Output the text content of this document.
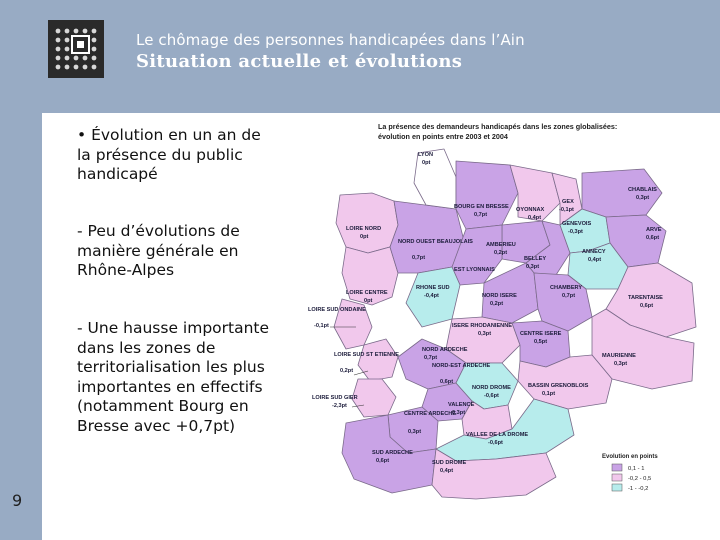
Le chômage des personnes handicapées dans l’Ain
Situation actuelle et évolutions
• Évolution en un an de
la présence du public
handicapé
- Peu d’évolutions de
manière générale en
Rhône-Alpes
- Une hausse importante
dans les zones de
territorialisation les plus
importantes en effectifs
(notamment Bourg en
Bresse avec +0,7pt)
9
La présence des demandeurs handicapés dans les zones globalisées:
évolution en points entre 2003 et 2004
LYON
0pt
BOURG EN BRESSE
0,7pt
OYONNAX
0,4pt
GEX
-0,1pt
CHABLAIS
0,3pt
GENEVOIS
-0,3pt	ARVE
0,6pt
ANNECY
0,4pt
LOIRE NORD
0pt
NORD OUEST BEAUJOLAIS
0,7pt
AMBERIEU
0,2pt
BELLEY
0,3pt
EST LYONNAIS
RHONE SUD
-0,4pt	NORD ISERE
0,2pt
CHAMBERY
0,7pt	TARENTAISE
0,6pt
LOIRE CENTRE
0pt
LOIRE SUD ONDAINE
-0,1pt	ISERE RHODANIENNE
0,3pt	CENTRE ISERE
0,5pt
MAURIENNE
0,3pt
NORD ARDECHE
0,7pt
LOIRE SUD ST ETIENNE
0,2pt
NORD-EST ARDECHE
0,6pt
NORD DROME
-0,6pt
BASSIN GRENOBLOIS
0,1pt
LOIRE SUD GIER
-2,3pt	VALENCE
0,3pt
CENTRE ARDECHE
0,3pt	VALLEE DE LA DROME
-0,6pt
SUD ARDECHE
0,6pt	SUD DROME
0,4pt
Evolution en points
0,1 - 1
-0,2 - 0,5
-1 - -0,2
